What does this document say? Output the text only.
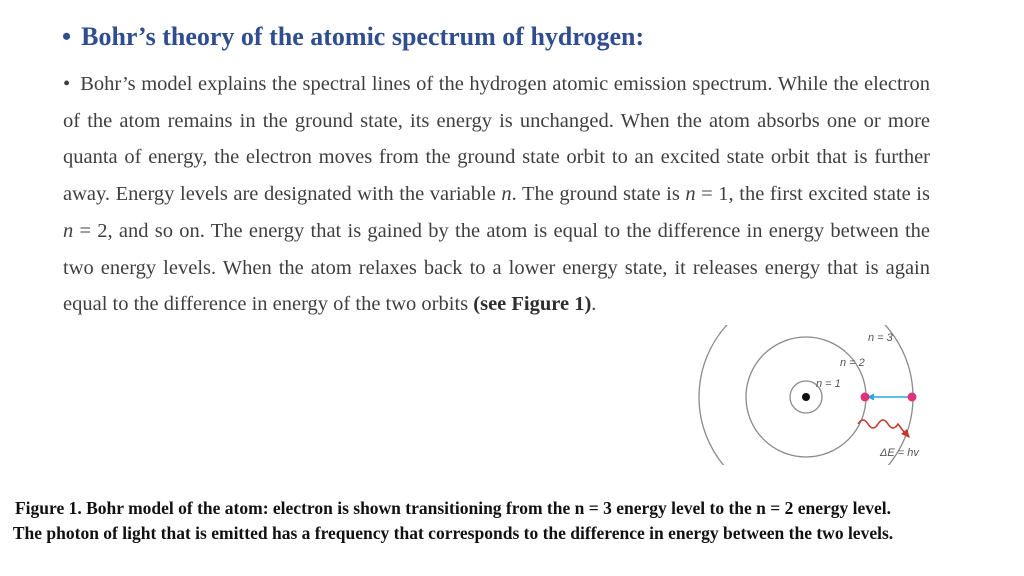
• Bohr’s theory of the atomic spectrum of hydrogen:
• Bohr’s model explains the spectral lines of the hydrogen atomic emission spectrum. While the electron of the atom remains in the ground state, its energy is unchanged. When the atom absorbs one or more quanta of energy, the electron moves from the ground state orbit to an excited state orbit that is further away. Energy levels are designated with the variable n. The ground state is n = 1, the first excited state is n = 2, and so on. The energy that is gained by the atom is equal to the difference in energy between the two energy levels. When the atom relaxes back to a lower energy state, it releases energy that is again equal to the difference in energy of the two orbits (see Figure 1).
n = 3
n = 2
n = 1
ΔE = hv
Figure 1. Bohr model of the atom: electron is shown transitioning from the n = 3 energy level to the n = 2 energy level. The photon of light that is emitted has a frequency that corresponds to the difference in energy between the two levels.
